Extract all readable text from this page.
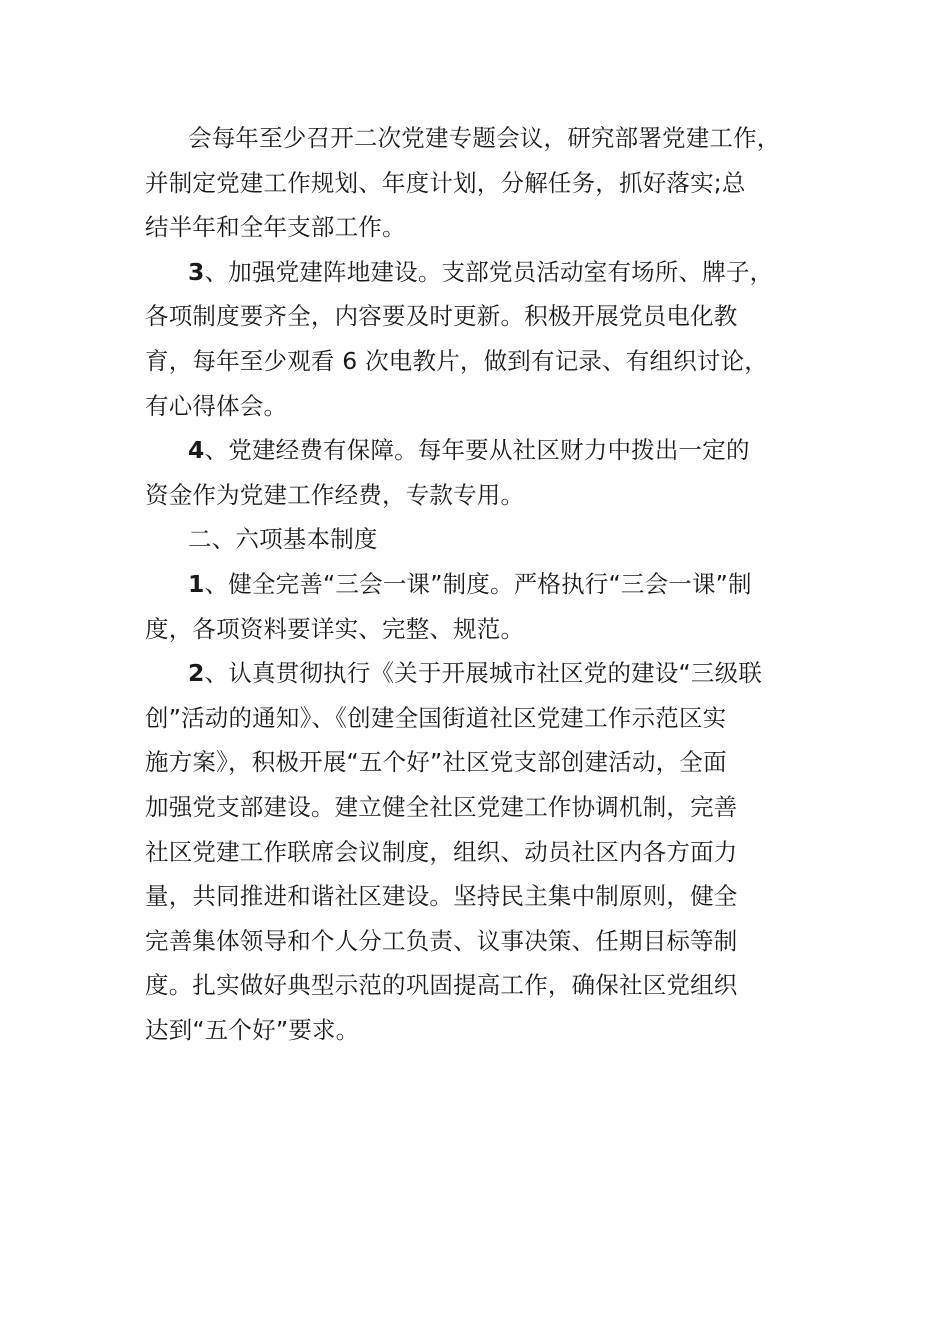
会每年至少召开二次党建专题会议，研究部署党建工作，
并制定党建工作规划、年度计划，分解任务，抓好落实;总
结半年和全年支部工作。
3、加强党建阵地建设。支部党员活动室有场所、牌子，
各项制度要齐全，内容要及时更新。积极开展党员电化教
育，每年至少观看 6 次电教片，做到有记录、有组织讨论，
有心得体会。
4、党建经费有保障。每年要从社区财力中拨出一定的
资金作为党建工作经费，专款专用。
二、六项基本制度
1、健全完善“三会一课”制度。严格执行“三会一课”制
度，各项资料要详实、完整、规范。
2、认真贯彻执行《关于开展城市社区党的建设“三级联
创”活动的通知》、《创建全国街道社区党建工作示范区实
施方案》，积极开展“五个好”社区党支部创建活动，全面
加强党支部建设。建立健全社区党建工作协调机制，完善
社区党建工作联席会议制度，组织、动员社区内各方面力
量，共同推进和谐社区建设。坚持民主集中制原则，健全
完善集体领导和个人分工负责、议事决策、任期目标等制
度。扎实做好典型示范的巩固提高工作，确保社区党组织
达到“五个好”要求。
